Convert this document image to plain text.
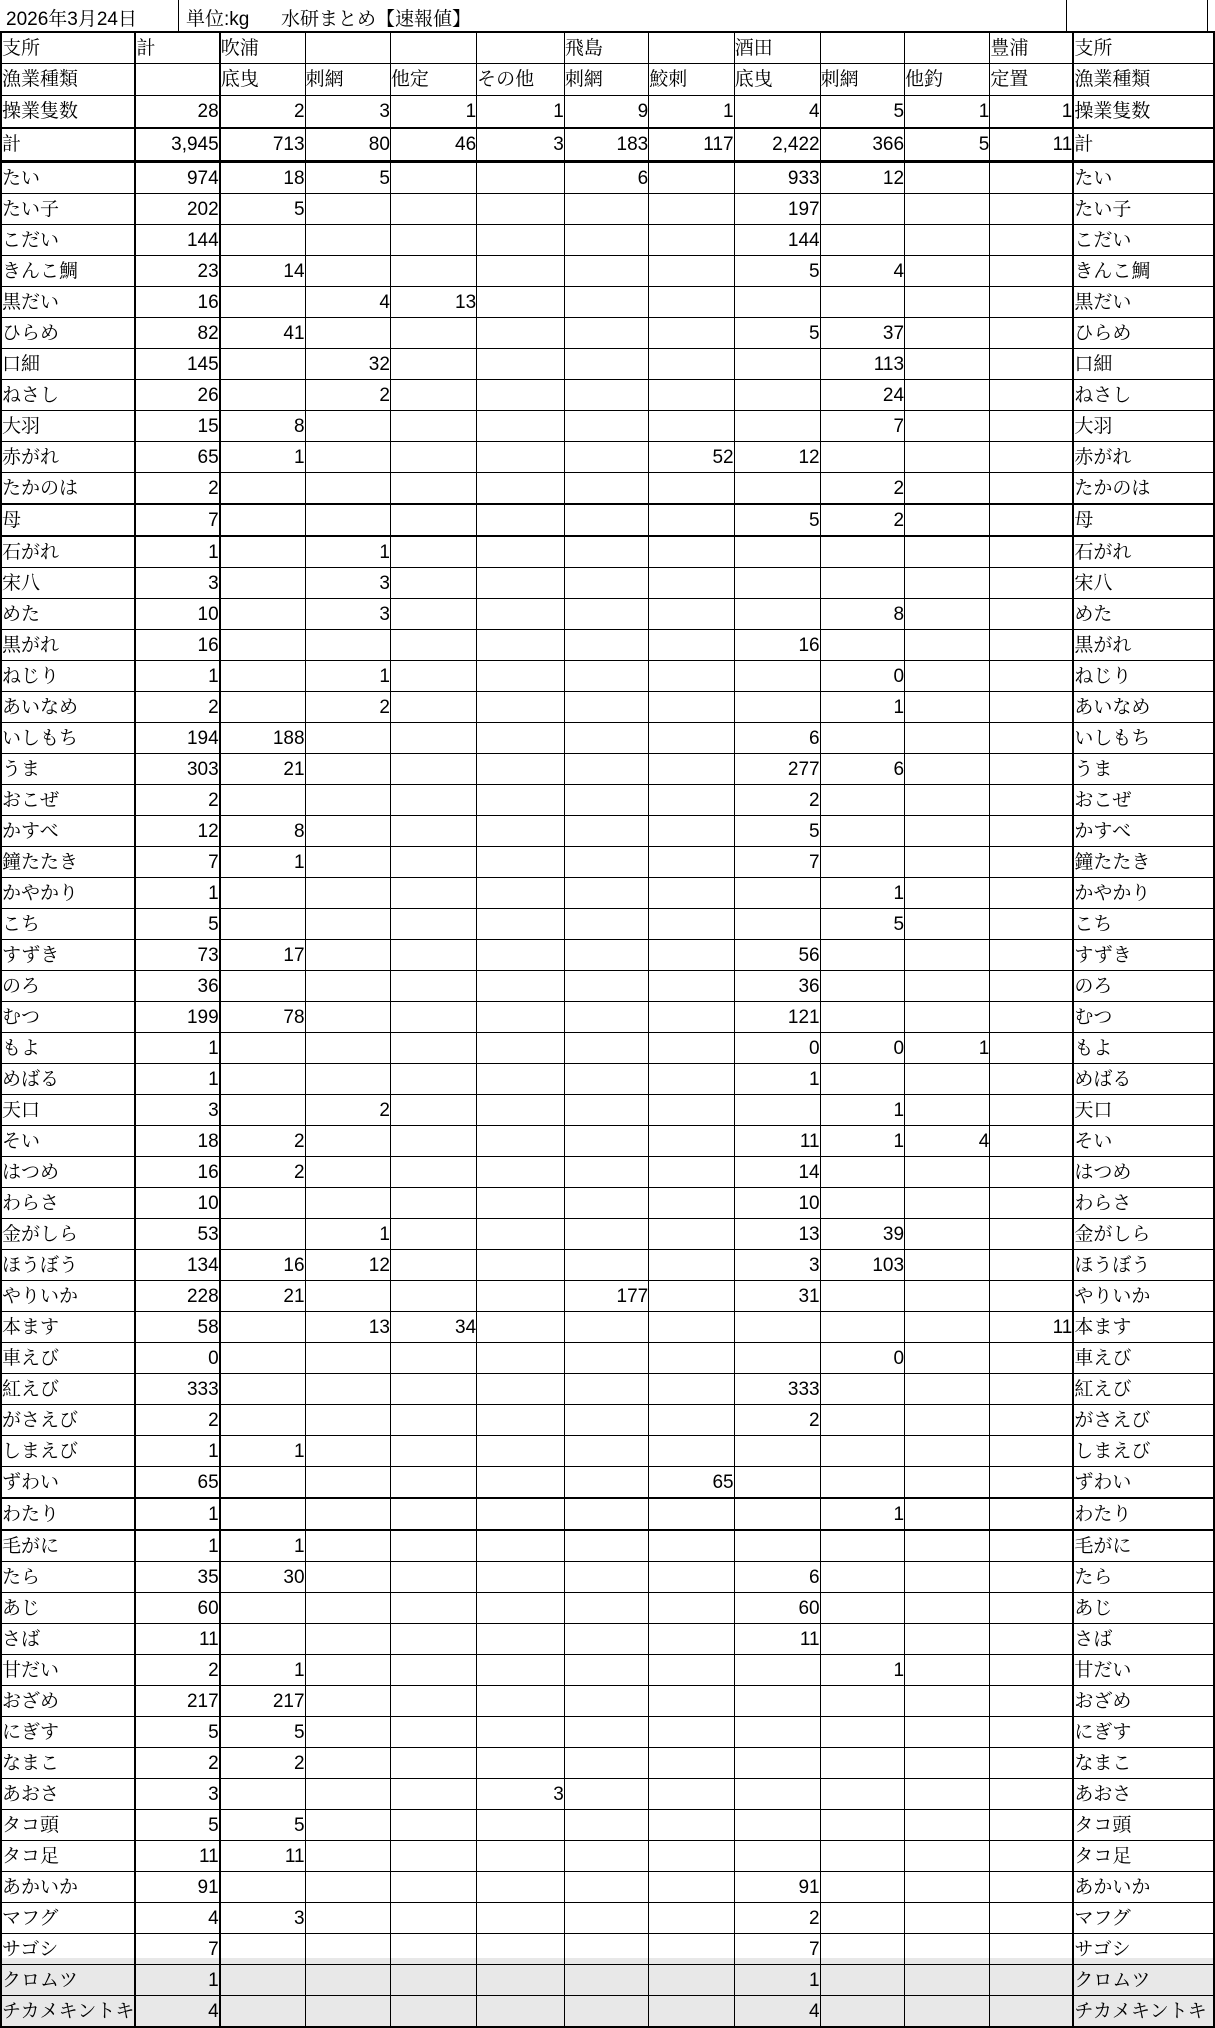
2026年3月24日	単位:kg 水研まとめ【速報値】
支所	計	吹浦				飛島		酒田			豊浦	支所
漁業種類		底曳	刺網	他定	その他	刺網	鮫刺	底曳	刺網	他釣	定置	漁業種類
操業隻数	28	2	3	1	1	9	1	4	5	1	1	操業隻数
計	3,945	713	80	46	3	183	117	2,422	366	5	11	計
たい	974	18	5			6		933	12			たい
たい子	202	5						197				たい子
こだい	144							144				こだい
きんこ鯛	23	14						5	4			きんこ鯛
黒だい	16		4	13								黒だい
ひらめ	82	41						5	37			ひらめ
口細	145		32						113			口細
ねさし	26		2						24			ねさし
大羽	15	8							7			大羽
赤がれ	65	1					52	12				赤がれ
たかのは	2								2			たかのは
母	7							5	2			母
石がれ	1		1									石がれ
宋八	3		3									宋八
めた	10		3						8			めた
黒がれ	16							16				黒がれ
ねじり	1		1						0			ねじり
あいなめ	2		2						1			あいなめ
いしもち	194	188						6				いしもち
うま	303	21						277	6			うま
おこぜ	2							2				おこぜ
かすべ	12	8						5				かすべ
鐘たたき	7	1						7				鐘たたき
かやかり	1								1			かやかり
こち	5								5			こち
すずき	73	17						56				すずき
のろ	36							36				のろ
むつ	199	78						121				むつ
もよ	1							0	0	1		もよ
めばる	1							1				めばる
天口	3		2						1			天口
そい	18	2						11	1	4		そい
はつめ	16	2						14				はつめ
わらさ	10							10				わらさ
金がしら	53		1					13	39			金がしら
ほうぼう	134	16	12					3	103			ほうぼう
やりいか	228	21				177		31				やりいか
本ます	58		13	34							11	本ます
車えび	0								0			車えび
紅えび	333							333				紅えび
がさえび	2							2				がさえび
しまえび	1	1										しまえび
ずわい	65						65					ずわい
わたり	1								1			わたり
毛がに	1	1										毛がに
たら	35	30						6				たら
あじ	60							60				あじ
さば	11							11				さば
甘だい	2	1							1			甘だい
おざめ	217	217										おざめ
にぎす	5	5										にぎす
なまこ	2	2										なまこ
あおさ	3				3							あおさ
タコ頭	5	5										タコ頭
タコ足	11	11										タコ足
あかいか	91							91				あかいか
マフグ	4	3						2				マフグ
サゴシ	7							7				サゴシ
クロムツ	1							1				クロムツ
チカメキントキ	4							4				チカメキントキ
